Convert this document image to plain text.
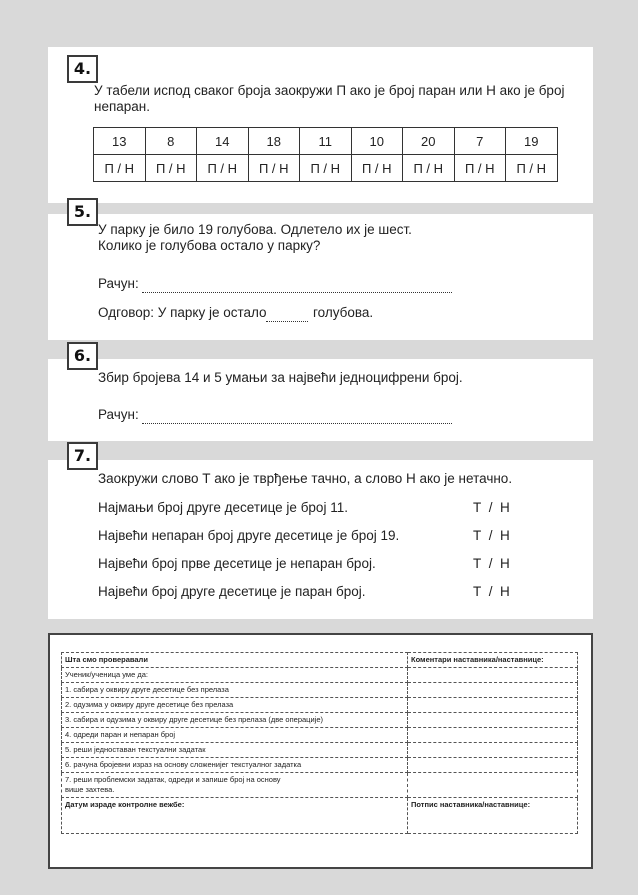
4.
У табели испод сваког броја заокружи П ако је број паран или Н ако је број
непаран.
13	8	14	18	11	10	20	7	19
П / Н	П / Н	П / Н	П / Н	П / Н	П / Н	П / Н	П / Н	П / Н
5.
У парку је било 19 голубова. Одлетело их је шест.
Колико је голубова остало у парку?
Рачун:
Одговор: У парку је остало	голубова.
6.
Збир бројева 14 и 5 умањи за највећи једноцифрени број.
Рачун:
7.
Заокружи слово Т ако је тврђење тачно, а слово Н ако је нетачно.
Најмањи број друге десетице је број 11.	Т  /  Н
Највећи непаран број друге десетице је број 19.	Т  /  Н
Највећи број прве десетице је непаран број.	Т  /  Н
Највећи број друге десетице је паран број.	Т  /  Н
Шта смо проверавали	Коментари наставника/наставнице:
Ученик/ученица уме да:	
1. сабира у оквиру друге десетице без прелаза	
2. одузима у оквиру друге десетице без прелаза	
3. сабира и одузима у оквиру друге десетице без прелаза (две операције)	
4. одреди паран и непаран број	
5. реши једноставан текстуални задатак	
6. рачуна бројевни израз на основу сложенијег текстуалног задатка	
7. реши проблемски задатак, одреди и запише број на основу више захтева.	
Датум израде контролне вежбе:	Потпис наставника/наставнице:
